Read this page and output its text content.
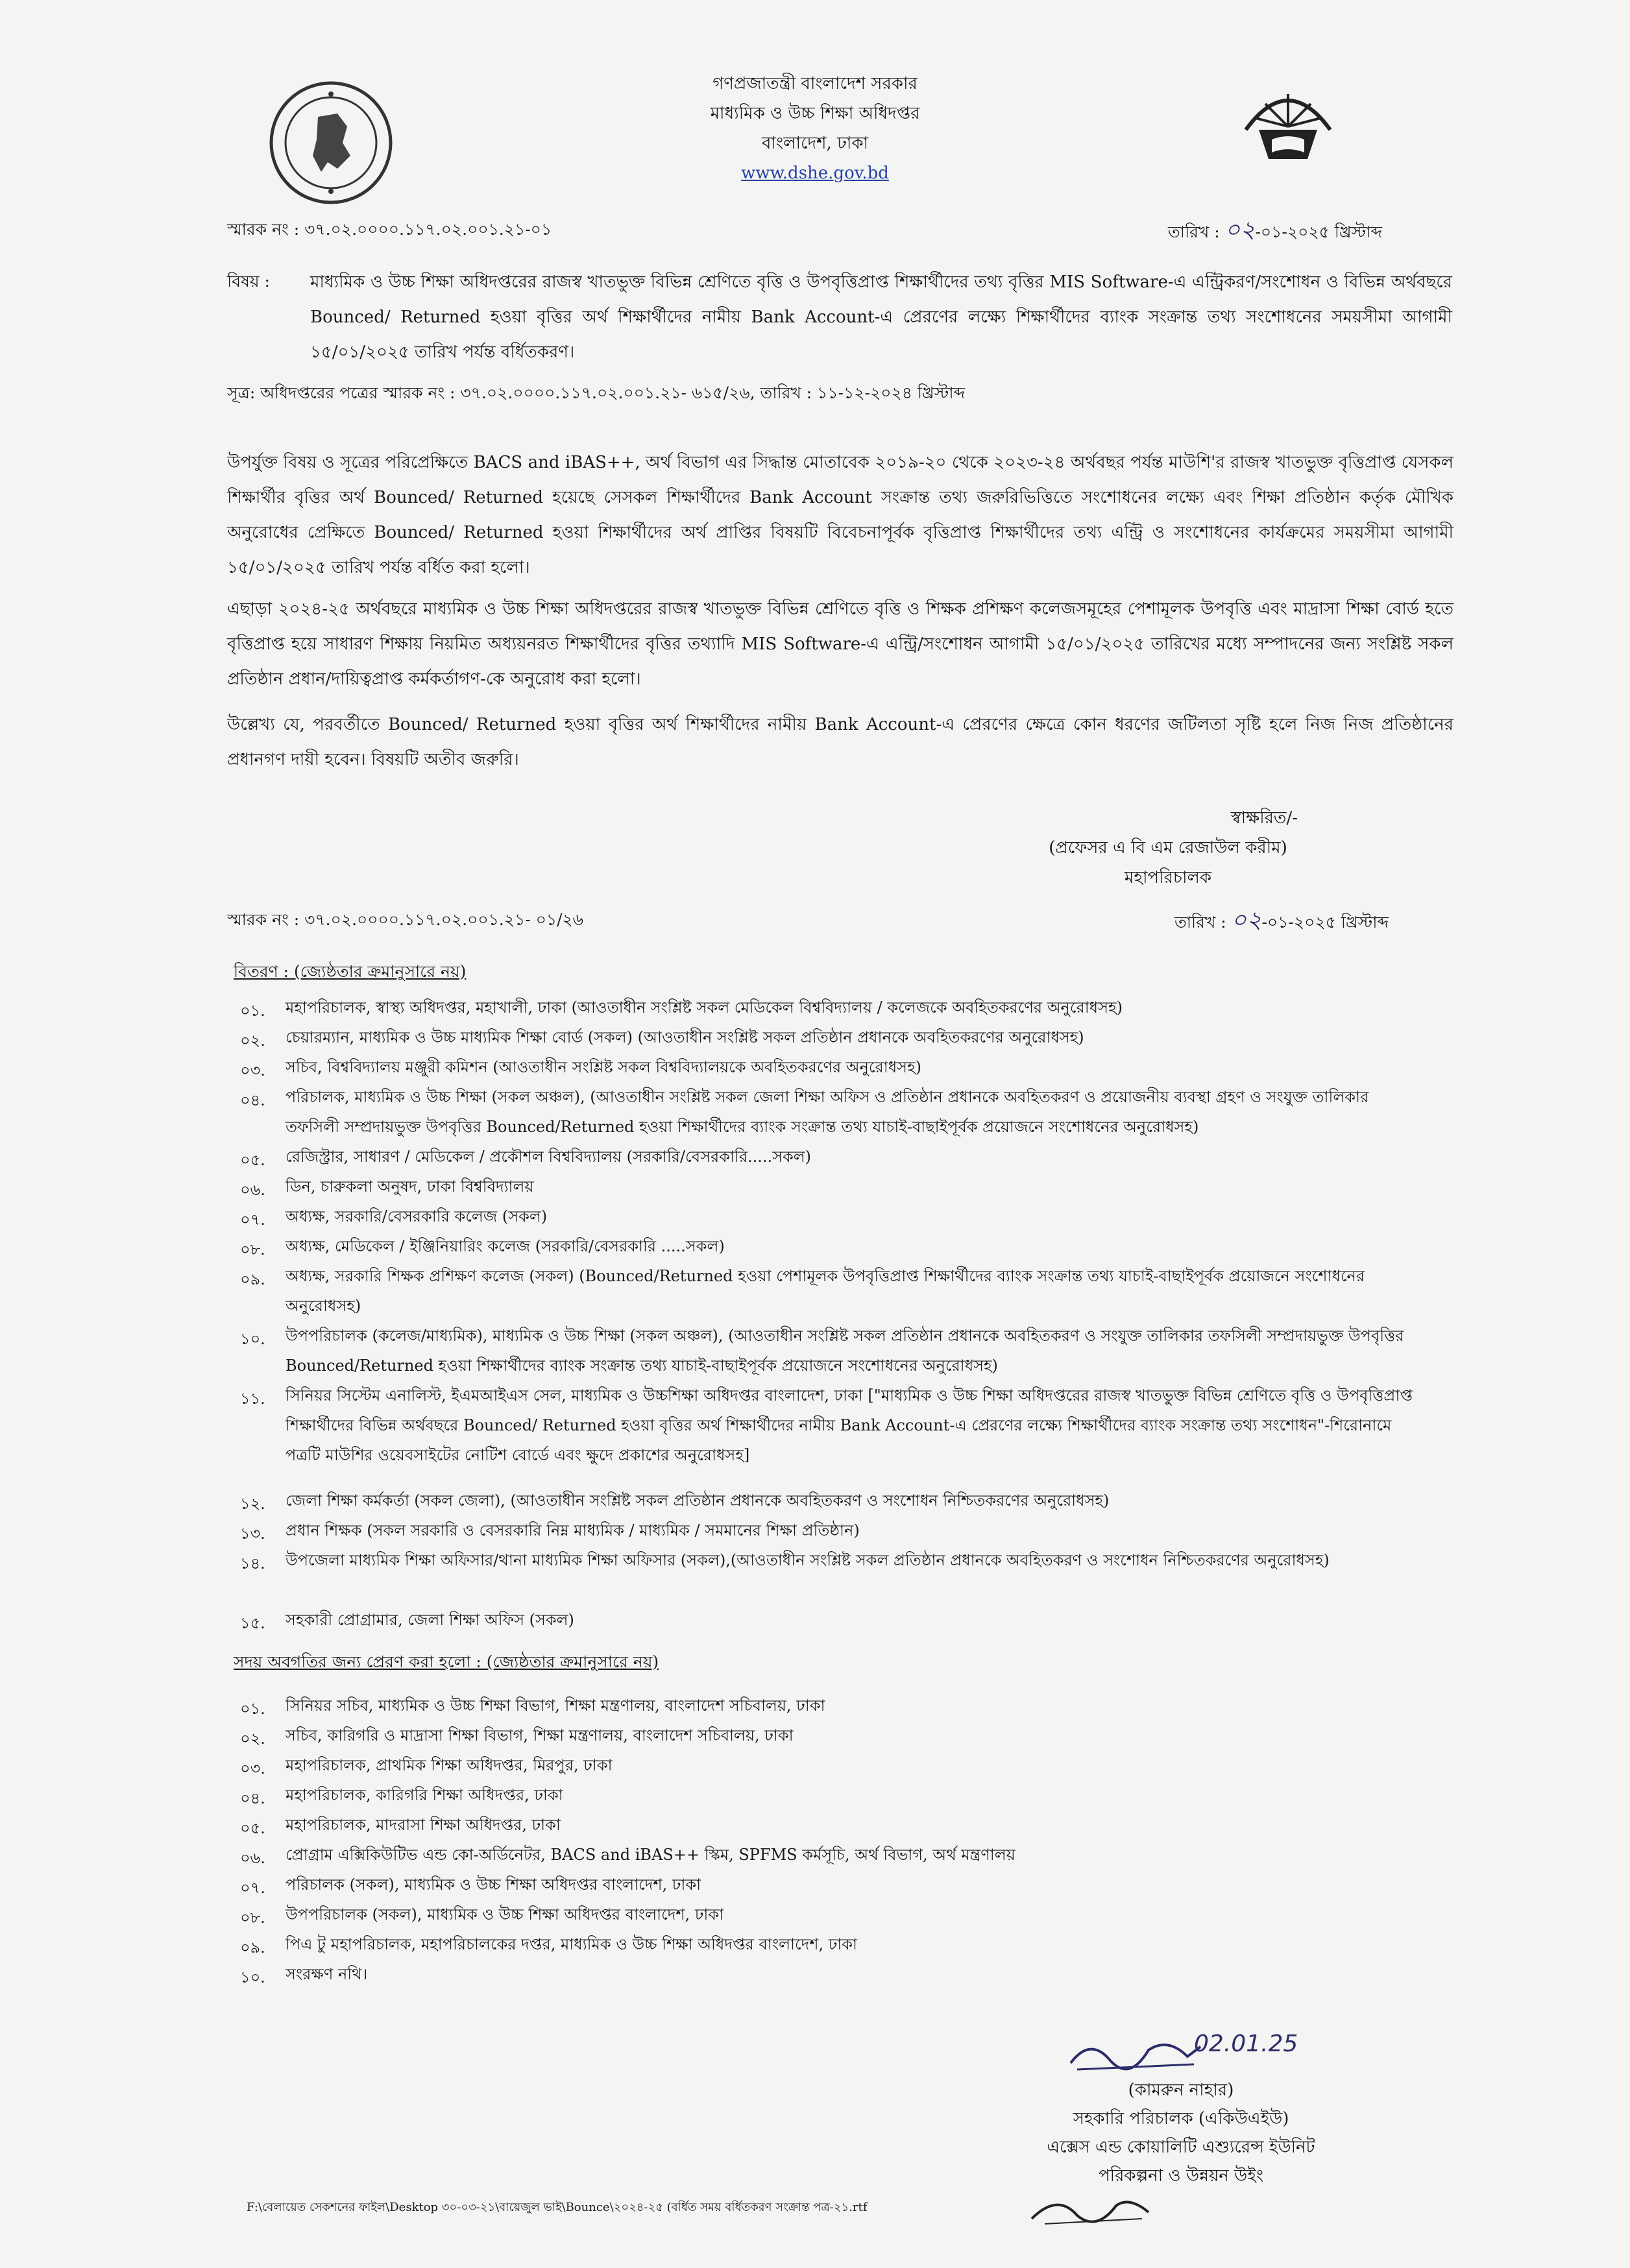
গণপ্রজাতন্ত্রী বাংলাদেশ সরকার
মাধ্যমিক ও উচ্চ শিক্ষা অধিদপ্তর
বাংলাদেশ, ঢাকা
www.dshe.gov.bd
স্মারক নং : ৩৭.০২.০০০০.১১৭.০২.০০১.২১-০১	তারিখ : ০২-০১-২০২৫ খ্রিস্টাব্দ
বিষয় : মাধ্যমিক ও উচ্চ শিক্ষা অধিদপ্তরের রাজস্ব খাতভুক্ত বিভিন্ন শ্রেণিতে বৃত্তি ও উপবৃত্তিপ্রাপ্ত শিক্ষার্থীদের তথ্য বৃত্তির MIS Software-এ এন্ট্রিকরণ/সংশোধন ও বিভিন্ন অর্থবছরে Bounced/ Returned হওয়া বৃত্তির অর্থ শিক্ষার্থীদের নামীয় Bank Account-এ প্রেরণের লক্ষ্যে শিক্ষার্থীদের ব্যাংক সংক্রান্ত তথ্য সংশোধনের সময়সীমা আগামী ১৫/০১/২০২৫ তারিখ পর্যন্ত বর্ধিতকরণ।
সূত্র: অধিদপ্তরের পত্রের স্মারক নং : ৩৭.০২.০০০০.১১৭.০২.০০১.২১- ৬১৫/২৬, তারিখ : ১১-১২-২০২৪ খ্রিস্টাব্দ
উপর্যুক্ত বিষয় ও সূত্রের পরিপ্রেক্ষিতে BACS and iBAS++, অর্থ বিভাগ এর সিদ্ধান্ত মোতাবেক ২০১৯-২০ থেকে ২০২৩-২৪ অর্থবছর পর্যন্ত মাউশি'র রাজস্ব খাতভুক্ত বৃত্তিপ্রাপ্ত যেসকল শিক্ষার্থীর বৃত্তির অর্থ Bounced/ Returned হয়েছে সেসকল শিক্ষার্থীদের Bank Account সংক্রান্ত তথ্য জরুরিভিত্তিতে সংশোধনের লক্ষ্যে এবং শিক্ষা প্রতিষ্ঠান কর্তৃক মৌখিক অনুরোধের প্রেক্ষিতে Bounced/ Returned হওয়া শিক্ষার্থীদের অর্থ প্রাপ্তির বিষয়টি বিবেচনাপূর্বক বৃত্তিপ্রাপ্ত শিক্ষার্থীদের তথ্য এন্ট্রি ও সংশোধনের কার্যক্রমের সময়সীমা আগামী ১৫/০১/২০২৫ তারিখ পর্যন্ত বর্ধিত করা হলো।
এছাড়া ২০২৪-২৫ অর্থবছরে মাধ্যমিক ও উচ্চ শিক্ষা অধিদপ্তরের রাজস্ব খাতভুক্ত বিভিন্ন শ্রেণিতে বৃত্তি ও শিক্ষক প্রশিক্ষণ কলেজসমূহের পেশামূলক উপবৃত্তি এবং মাদ্রাসা শিক্ষা বোর্ড হতে বৃত্তিপ্রাপ্ত হয়ে সাধারণ শিক্ষায় নিয়মিত অধ্যয়নরত শিক্ষার্থীদের বৃত্তির তথ্যাদি MIS Software-এ এন্ট্রি/সংশোধন আগামী ১৫/০১/২০২৫ তারিখের মধ্যে সম্পাদনের জন্য সংশ্লিষ্ট সকল প্রতিষ্ঠান প্রধান/দায়িত্বপ্রাপ্ত কর্মকর্তাগণ-কে অনুরোধ করা হলো।
উল্লেখ্য যে, পরবর্তীতে Bounced/ Returned হওয়া বৃত্তির অর্থ শিক্ষার্থীদের নামীয় Bank Account-এ প্রেরণের ক্ষেত্রে কোন ধরণের জটিলতা সৃষ্টি হলে নিজ নিজ প্রতিষ্ঠানের প্রধানগণ দায়ী হবেন। বিষয়টি অতীব জরুরি।
স্বাক্ষরিত/-
(প্রফেসর এ বি এম রেজাউল করীম)
মহাপরিচালক
স্মারক নং : ৩৭.০২.০০০০.১১৭.০২.০০১.২১- ০১/২৬	তারিখ : ০২-০১-২০২৫ খ্রিস্টাব্দ
বিতরণ : (জ্যেষ্ঠতার ক্রমানুসারে নয়)
০১.	মহাপরিচালক, স্বাস্থ্য অধিদপ্তর, মহাখালী, ঢাকা (আওতাধীন সংশ্লিষ্ট সকল মেডিকেল বিশ্ববিদ্যালয় / কলেজকে অবহিতকরণের অনুরোধসহ)
০২.	চেয়ারম্যান, মাধ্যমিক ও উচ্চ মাধ্যমিক শিক্ষা বোর্ড (সকল) (আওতাধীন সংশ্লিষ্ট সকল প্রতিষ্ঠান প্রধানকে অবহিতকরণের অনুরোধসহ)
০৩.	সচিব, বিশ্ববিদ্যালয় মঞ্জুরী কমিশন (আওতাধীন সংশ্লিষ্ট সকল বিশ্ববিদ্যালয়কে অবহিতকরণের অনুরোধসহ)
০৪.	পরিচালক, মাধ্যমিক ও উচ্চ শিক্ষা (সকল অঞ্চল), (আওতাধীন সংশ্লিষ্ট সকল জেলা শিক্ষা অফিস ও প্রতিষ্ঠান প্রধানকে অবহিতকরণ ও প্রয়োজনীয় ব্যবস্থা গ্রহণ ও সংযুক্ত তালিকার তফসিলী সম্প্রদায়ভুক্ত উপবৃত্তির Bounced/Returned হওয়া শিক্ষার্থীদের ব্যাংক সংক্রান্ত তথ্য যাচাই-বাছাইপূর্বক প্রয়োজনে সংশোধনের অনুরোধসহ)
০৫.	রেজিস্ট্রার, সাধারণ / মেডিকেল / প্রকৌশল বিশ্ববিদ্যালয় (সরকারি/বেসরকারি.....সকল)
০৬.	ডিন, চারুকলা অনুষদ, ঢাকা বিশ্ববিদ্যালয়
০৭.	অধ্যক্ষ, সরকারি/বেসরকারি কলেজ (সকল)
০৮.	অধ্যক্ষ, মেডিকেল / ইঞ্জিনিয়ারিং কলেজ (সরকারি/বেসরকারি .....সকল)
০৯.	অধ্যক্ষ, সরকারি শিক্ষক প্রশিক্ষণ কলেজ (সকল) (Bounced/Returned হওয়া পেশামূলক উপবৃত্তিপ্রাপ্ত শিক্ষার্থীদের ব্যাংক সংক্রান্ত তথ্য যাচাই-বাছাইপূর্বক প্রয়োজনে সংশোধনের অনুরোধসহ)
১০.	উপপরিচালক (কলেজ/মাধ্যমিক), মাধ্যমিক ও উচ্চ শিক্ষা (সকল অঞ্চল), (আওতাধীন সংশ্লিষ্ট সকল প্রতিষ্ঠান প্রধানকে অবহিতকরণ ও সংযুক্ত তালিকার তফসিলী সম্প্রদায়ভুক্ত উপবৃত্তির Bounced/Returned হওয়া শিক্ষার্থীদের ব্যাংক সংক্রান্ত তথ্য যাচাই-বাছাইপূর্বক প্রয়োজনে সংশোধনের অনুরোধসহ)
১১.	সিনিয়র সিস্টেম এনালিস্ট, ইএমআইএস সেল, মাধ্যমিক ও উচ্চশিক্ষা অধিদপ্তর বাংলাদেশ, ঢাকা ["মাধ্যমিক ও উচ্চ শিক্ষা অধিদপ্তরের রাজস্ব খাতভুক্ত বিভিন্ন শ্রেণিতে বৃত্তি ও উপবৃত্তিপ্রাপ্ত শিক্ষার্থীদের বিভিন্ন অর্থবছরে Bounced/ Returned হওয়া বৃত্তির অর্থ শিক্ষার্থীদের নামীয় Bank Account-এ প্রেরণের লক্ষ্যে শিক্ষার্থীদের ব্যাংক সংক্রান্ত তথ্য সংশোধন"-শিরোনামে পত্রটি মাউশির ওয়েবসাইটের নোটিশ বোর্ডে এবং ক্ষুদে প্রকাশের অনুরোধসহ]
১২.	জেলা শিক্ষা কর্মকর্তা (সকল জেলা), (আওতাধীন সংশ্লিষ্ট সকল প্রতিষ্ঠান প্রধানকে অবহিতকরণ ও সংশোধন নিশ্চিতকরণের অনুরোধসহ)
১৩.	প্রধান শিক্ষক (সকল সরকারি ও বেসরকারি নিম্ন মাধ্যমিক / মাধ্যমিক / সমমানের শিক্ষা প্রতিষ্ঠান)
১৪.	উপজেলা মাধ্যমিক শিক্ষা অফিসার/থানা মাধ্যমিক শিক্ষা অফিসার (সকল),(আওতাধীন সংশ্লিষ্ট সকল প্রতিষ্ঠান প্রধানকে অবহিতকরণ ও সংশোধন নিশ্চিতকরণের অনুরোধসহ)
১৫.	সহকারী প্রোগ্রামার, জেলা শিক্ষা অফিস (সকল)
সদয় অবগতির জন্য প্রেরণ করা হলো : (জ্যেষ্ঠতার ক্রমানুসারে নয়)
০১.	সিনিয়র সচিব, মাধ্যমিক ও উচ্চ শিক্ষা বিভাগ, শিক্ষা মন্ত্রণালয়, বাংলাদেশ সচিবালয়, ঢাকা
০২.	সচিব, কারিগরি ও মাদ্রাসা শিক্ষা বিভাগ, শিক্ষা মন্ত্রণালয়, বাংলাদেশ সচিবালয়, ঢাকা
০৩.	মহাপরিচালক, প্রাথমিক শিক্ষা অধিদপ্তর, মিরপুর, ঢাকা
০৪.	মহাপরিচালক, কারিগরি শিক্ষা অধিদপ্তর, ঢাকা
০৫.	মহাপরিচালক, মাদরাসা শিক্ষা অধিদপ্তর, ঢাকা
০৬.	প্রোগ্রাম এক্সিকিউটিভ এন্ড কো-অর্ডিনেটর, BACS and iBAS++ স্কিম, SPFMS কর্মসূচি, অর্থ বিভাগ, অর্থ মন্ত্রণালয়
০৭.	পরিচালক (সকল), মাধ্যমিক ও উচ্চ শিক্ষা অধিদপ্তর বাংলাদেশ, ঢাকা
০৮.	উপপরিচালক (সকল), মাধ্যমিক ও উচ্চ শিক্ষা অধিদপ্তর বাংলাদেশ, ঢাকা
০৯.	পিএ টু মহাপরিচালক, মহাপরিচালকের দপ্তর, মাধ্যমিক ও উচ্চ শিক্ষা অধিদপ্তর বাংলাদেশ, ঢাকা
১০.	সংরক্ষণ নথি।
02.01.25
(কামরুন নাহার)
সহকারি পরিচালক (একিউএইউ)
এক্সেস এন্ড কোয়ালিটি এশ্যুরেন্স ইউনিট
পরিকল্পনা ও উন্নয়ন উইং
F:\বেলায়েত সেকশনের ফাইল\Desktop ৩০-০৩-২১\বায়েজুল ভাই\Bounce\২০২৪-২৫ (বর্ধিত সময় বর্ধিতকরণ সংক্রান্ত পত্র-২১.rtf
